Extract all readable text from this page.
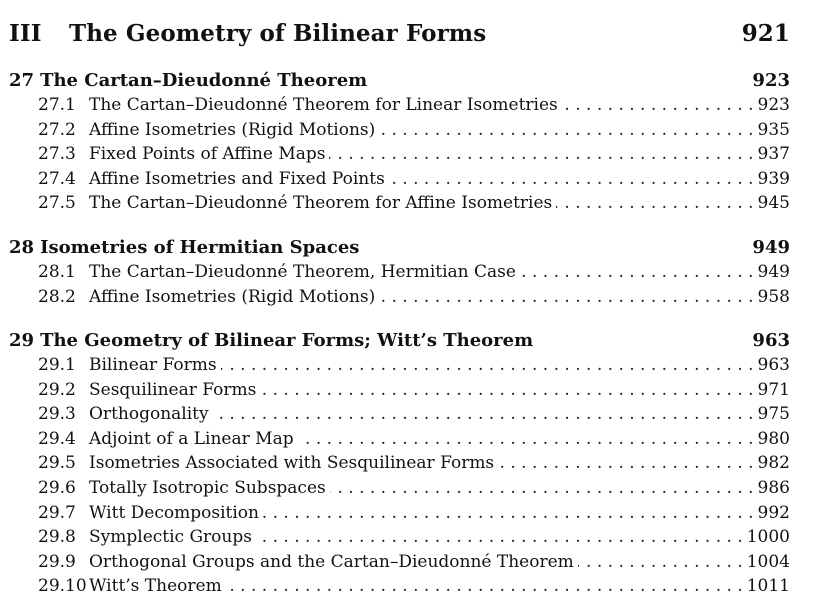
III	The Geometry of Bilinear Forms	921
27 The Cartan–Dieudonné Theorem	923
27.1 The Cartan–Dieudonné Theorem for Linear Isometries . . .	923
27.2 Affine Isometries (Rigid Motions) . . .	935
27.3 Fixed Points of Affine Maps . . .	937
27.4 Affine Isometries and Fixed Points . . .	939
27.5 The Cartan–Dieudonné Theorem for Affine Isometries . . .	945
28 Isometries of Hermitian Spaces	949
28.1 The Cartan–Dieudonné Theorem, Hermitian Case . . .	949
28.2 Affine Isometries (Rigid Motions) . . .	958
29 The Geometry of Bilinear Forms; Witt’s Theorem	963
29.1 Bilinear Forms . . .	963
29.2 Sesquilinear Forms . . .	971
29.3 Orthogonality . . .	975
29.4 Adjoint of a Linear Map . . .	980
29.5 Isometries Associated with Sesquilinear Forms . . .	982
29.6 Totally Isotropic Subspaces . . .	986
29.7 Witt Decomposition . . .	992
29.8 Symplectic Groups . . .	1000
29.9 Orthogonal Groups and the Cartan–Dieudonné Theorem . . .	1004
29.10 Witt’s Theorem . . .	1011
